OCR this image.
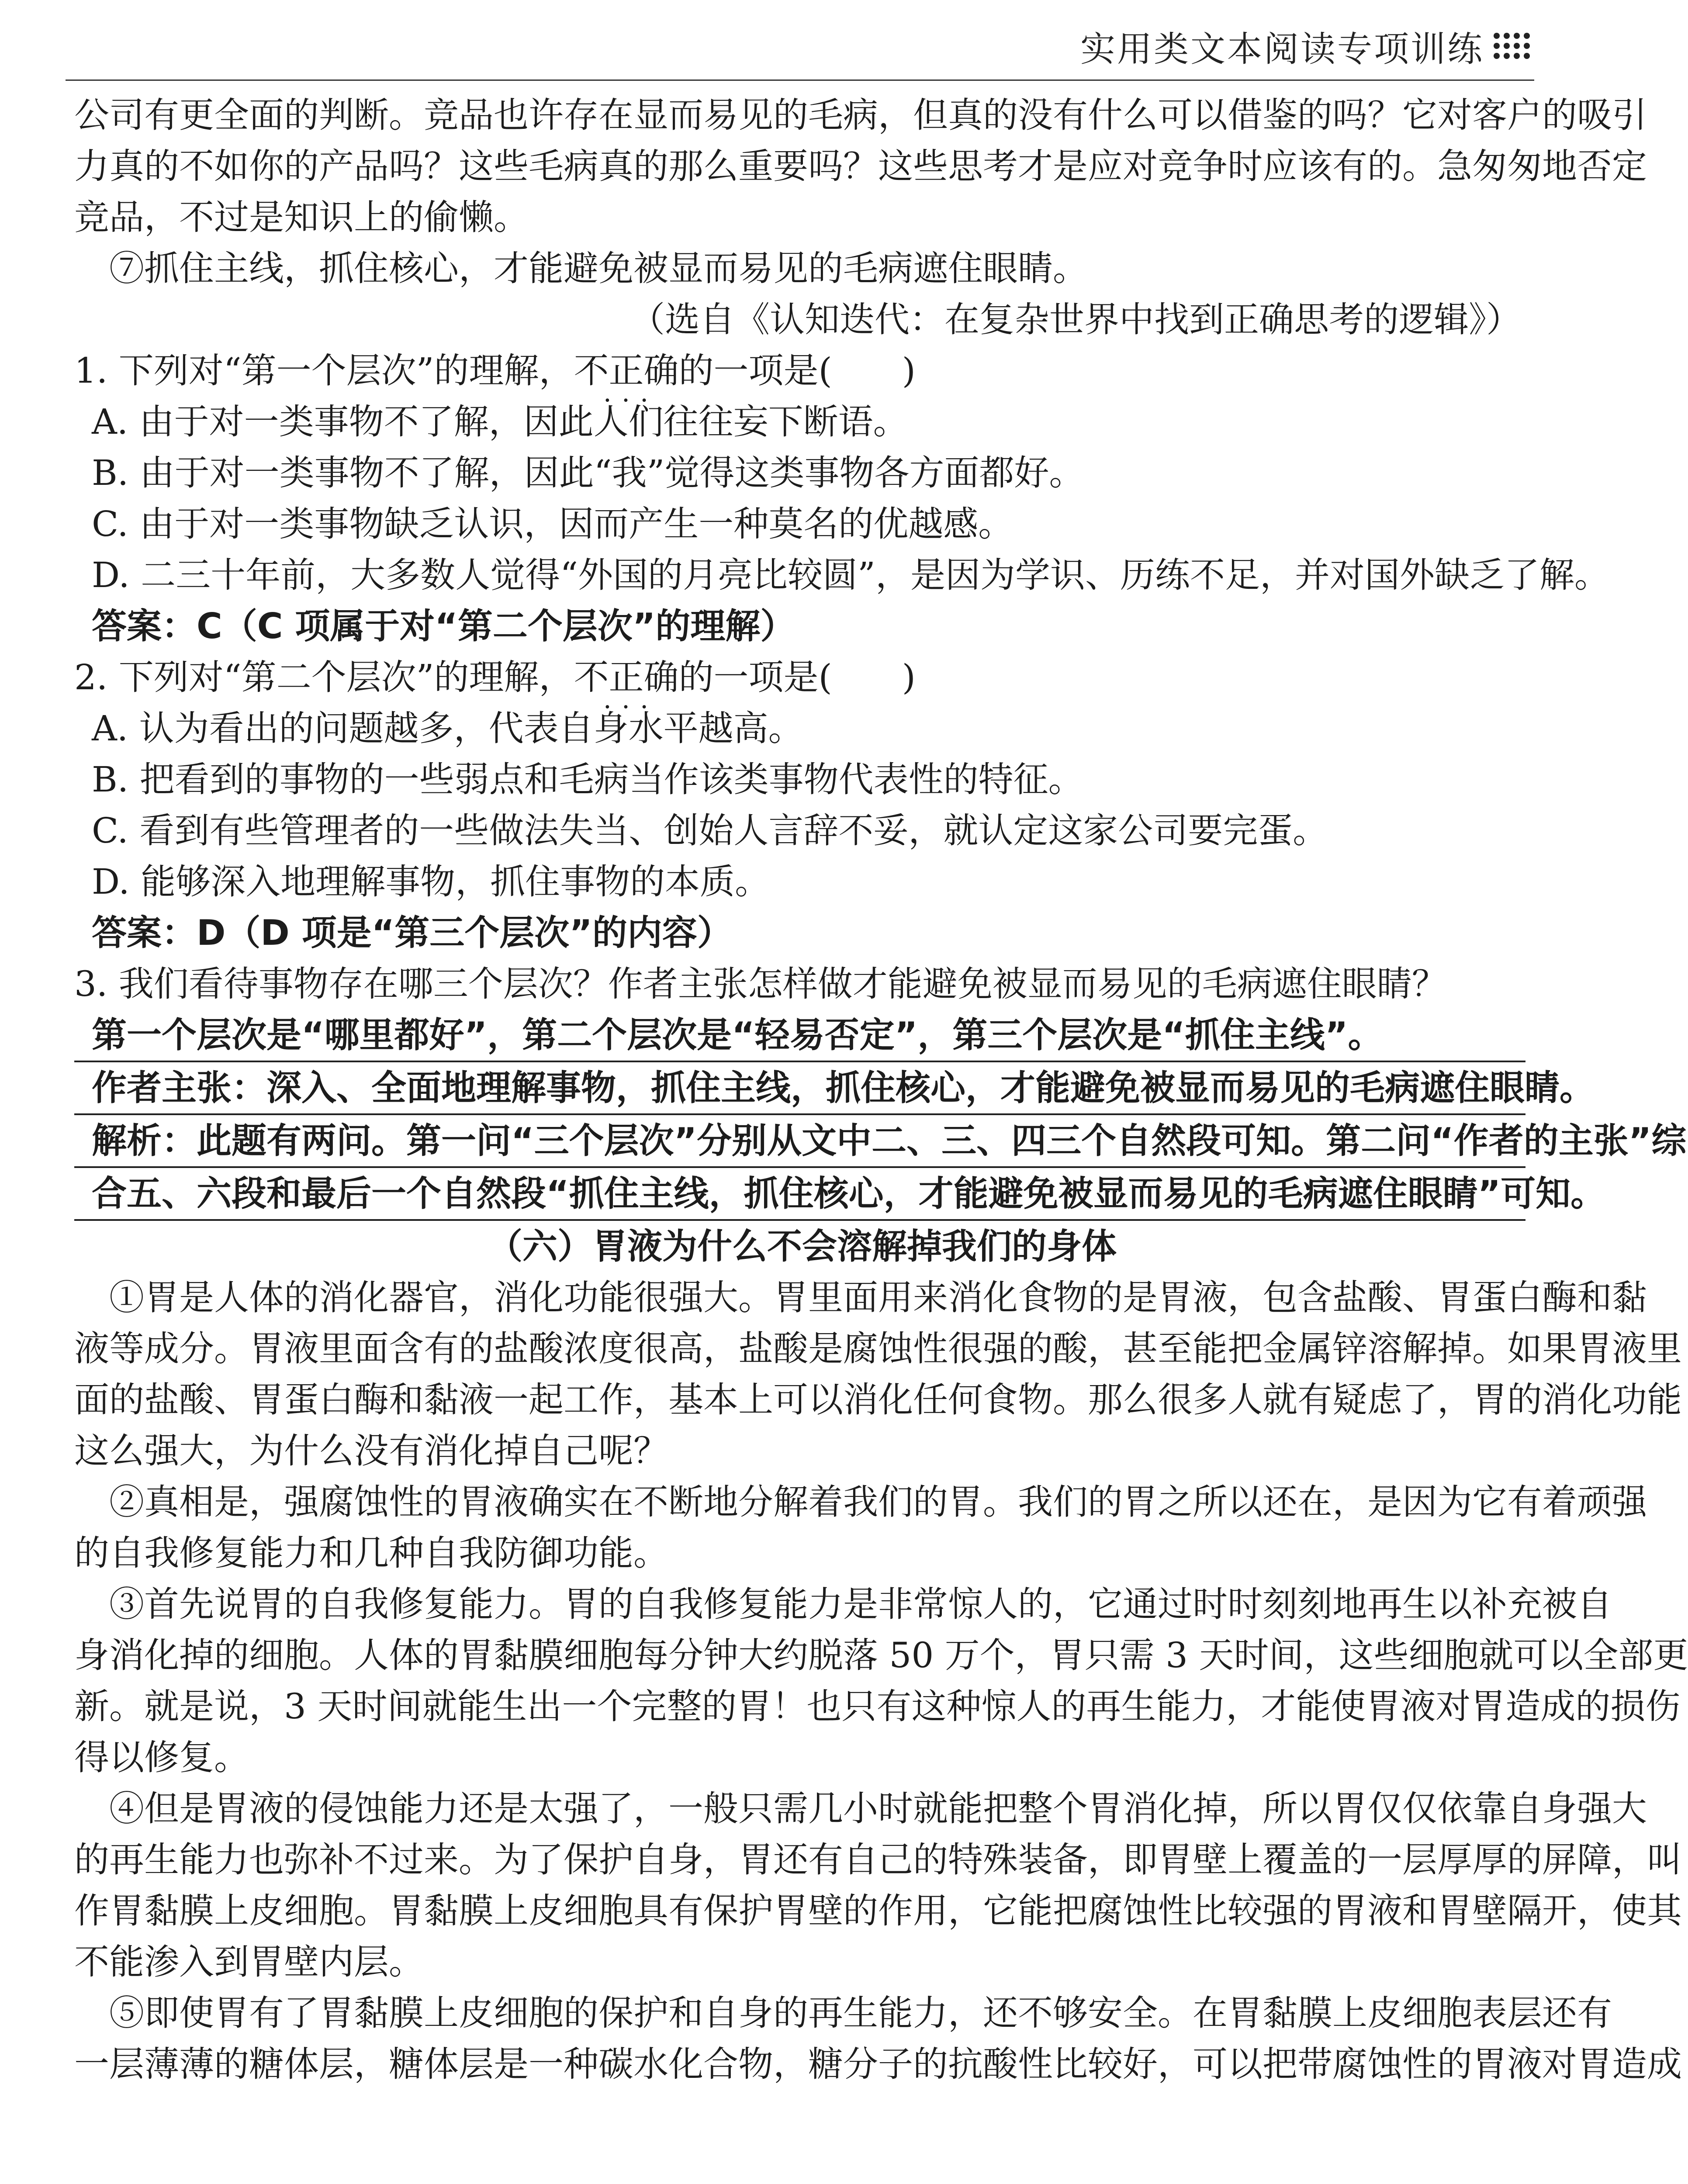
实用类文本阅读专项训练
公司有更全面的判断。竞品也许存在显而易见的毛病，但真的没有什么可以借鉴的吗？它对客户的吸引
力真的不如你的产品吗？这些毛病真的那么重要吗？这些思考才是应对竞争时应该有的。急匆匆地否定
竞品，不过是知识上的偷懒。
⑦抓住主线，抓住核心，才能避免被显而易见的毛病遮住眼睛。
（选自《认知迭代：在复杂世界中找到正确思考的逻辑》）
1. 下列对“第一个层次”的理解，不正确 · · ·的一项是(　　)
A. 由于对一类事物不了解，因此人们往往妄下断语。
B. 由于对一类事物不了解，因此“我”觉得这类事物各方面都好。
C. 由于对一类事物缺乏认识，因而产生一种莫名的优越感。
D. 二三十年前，大多数人觉得“外国的月亮比较圆”，是因为学识、历练不足，并对国外缺乏了解。
答案：C（C 项属于对“第二个层次”的理解）
2. 下列对“第二个层次”的理解，不正确 · · ·的一项是(　　)
A. 认为看出的问题越多，代表自身水平越高。
B. 把看到的事物的一些弱点和毛病当作该类事物代表性的特征。
C. 看到有些管理者的一些做法失当、创始人言辞不妥，就认定这家公司要完蛋。
D. 能够深入地理解事物，抓住事物的本质。
答案：D（D 项是“第三个层次”的内容）
3. 我们看待事物存在哪三个层次？作者主张怎样做才能避免被显而易见的毛病遮住眼睛？
第一个层次是“哪里都好”，第二个层次是“轻易否定”，第三个层次是“抓住主线”。
作者主张：深入、全面地理解事物，抓住主线，抓住核心，才能避免被显而易见的毛病遮住眼睛。
解析：此题有两问。第一问“三个层次”分别从文中二、三、四三个自然段可知。第二问“作者的主张”综
合五、六段和最后一个自然段“抓住主线，抓住核心，才能避免被显而易见的毛病遮住眼睛”可知。
（六）胃液为什么不会溶解掉我们的身体
①胃是人体的消化器官，消化功能很强大。胃里面用来消化食物的是胃液，包含盐酸、胃蛋白酶和黏
液等成分。胃液里面含有的盐酸浓度很高，盐酸是腐蚀性很强的酸，甚至能把金属锌溶解掉。如果胃液里
面的盐酸、胃蛋白酶和黏液一起工作，基本上可以消化任何食物。那么很多人就有疑虑了，胃的消化功能
这么强大，为什么没有消化掉自己呢？
②真相是，强腐蚀性的胃液确实在不断地分解着我们的胃。我们的胃之所以还在，是因为它有着顽强
的自我修复能力和几种自我防御功能。
③首先说胃的自我修复能力。胃的自我修复能力是非常惊人的，它通过时时刻刻地再生以补充被自
身消化掉的细胞。人体的胃黏膜细胞每分钟大约脱落 50 万个，胃只需 3 天时间，这些细胞就可以全部更
新。就是说，3 天时间就能生出一个完整的胃！也只有这种惊人的再生能力，才能使胃液对胃造成的损伤
得以修复。
④但是胃液的侵蚀能力还是太强了，一般只需几小时就能把整个胃消化掉，所以胃仅仅依靠自身强大
的再生能力也弥补不过来。为了保护自身，胃还有自己的特殊装备，即胃壁上覆盖的一层厚厚的屏障，叫
作胃黏膜上皮细胞。胃黏膜上皮细胞具有保护胃壁的作用，它能把腐蚀性比较强的胃液和胃壁隔开，使其
不能渗入到胃壁内层。
⑤即使胃有了胃黏膜上皮细胞的保护和自身的再生能力，还不够安全。在胃黏膜上皮细胞表层还有
一层薄薄的糖体层，糖体层是一种碳水化合物，糖分子的抗酸性比较好，可以把带腐蚀性的胃液对胃造成
